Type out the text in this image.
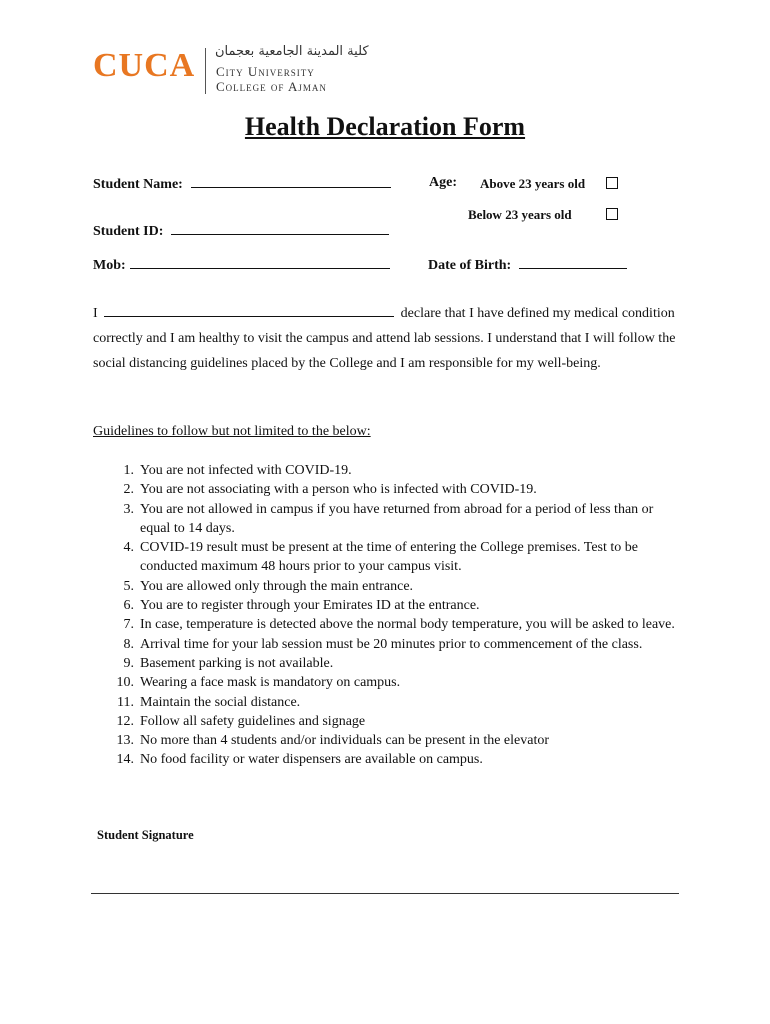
CUCA كلية المدينة الجامعية بعجمان
City University
College of Ajman
Health Declaration Form
Student Name:	Age: Above 23 years old
Below 23 years old
Student ID:
Mob:	Date of Birth:
I	declare that I have defined my medical condition correctly and I am healthy to visit the campus and attend lab sessions. I understand that I will follow the social distancing guidelines placed by the College and I am responsible for my well-being.
Guidelines to follow but not limited to the below:
1. You are not infected with COVID-19.
2. You are not associating with a person who is infected with COVID-19.
3. You are not allowed in campus if you have returned from abroad for a period of less than or equal to 14 days.
4. COVID-19 result must be present at the time of entering the College premises. Test to be conducted maximum 48 hours prior to your campus visit.
5. You are allowed only through the main entrance.
6. You are to register through your Emirates ID at the entrance.
7. In case, temperature is detected above the normal body temperature, you will be asked to leave.
8. Arrival time for your lab session must be 20 minutes prior to commencement of the class.
9. Basement parking is not available.
10. Wearing a face mask is mandatory on campus.
11. Maintain the social distance.
12. Follow all safety guidelines and signage
13. No more than 4 students and/or individuals can be present in the elevator
14. No food facility or water dispensers are available on campus.
Student Signature
